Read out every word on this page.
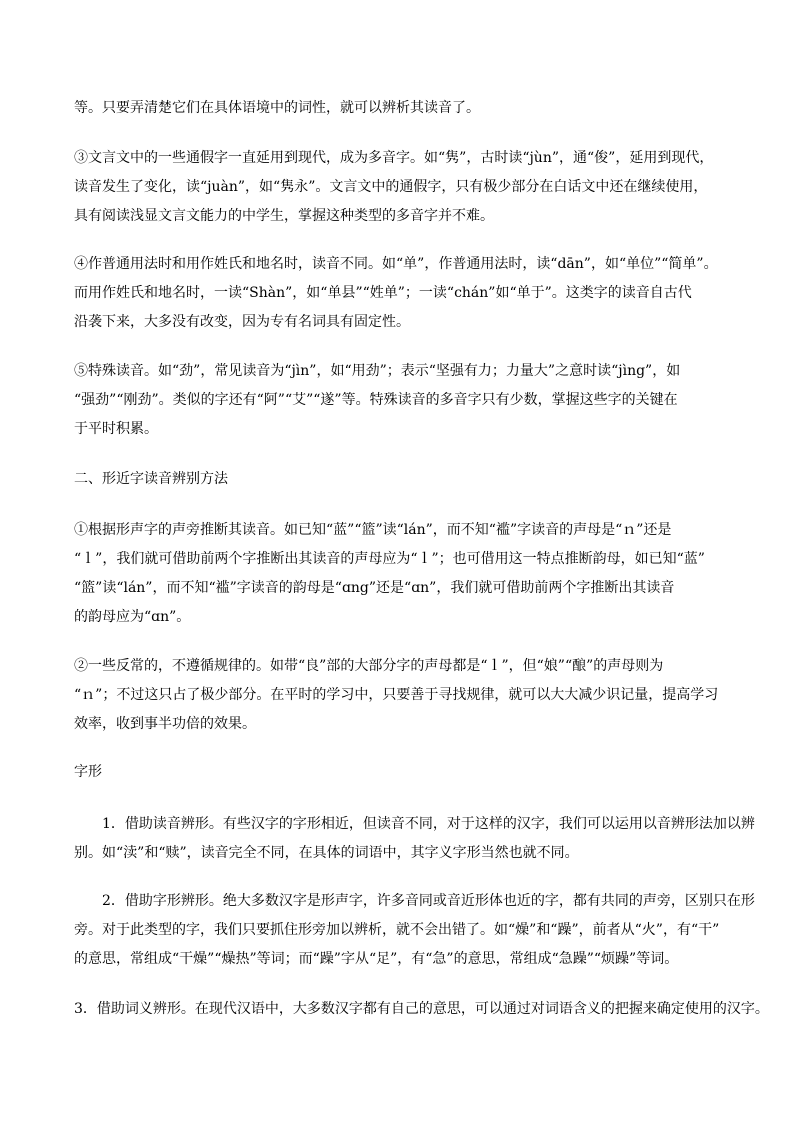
等。只要弄清楚它们在具体语境中的词性，就可以辨析其读音了。

③文言文中的一些通假字一直延用到现代，成为多音字。如“隽”，古时读“jùn”，通“俊”，延用到现代，
读音发生了变化，读“juàn”，如“隽永”。文言文中的通假字，只有极少部分在白话文中还在继续使用，
具有阅读浅显文言文能力的中学生，掌握这种类型的多音字并不难。

④作普通用法时和用作姓氏和地名时，读音不同。如“单”，作普通用法时，读“dān”，如“单位”“简单”。
而用作姓氏和地名时，一读“Shàn”，如“单县”“姓单”；一读“chán”如“单于”。这类字的读音自古代
沿袭下来，大多没有改变，因为专有名词具有固定性。

⑤特殊读音。如“劲”，常见读音为“jìn”，如“用劲”；表示“坚强有力；力量大”之意时读“jìng”，如
“强劲”“刚劲”。类似的字还有“阿”“艾”“遂”等。特殊读音的多音字只有少数，掌握这些字的关键在
于平时积累。

二、形近字读音辨别方法

①根据形声字的声旁推断其读音。如已知“蓝”“篮”读“lán”，而不知“褴”字读音的声母是“ｎ”还是
“ｌ”，我们就可借助前两个字推断出其读音的声母应为“ｌ”；也可借用这一特点推断韵母，如已知“蓝”
“篮”读“lán”，而不知“褴”字读音的韵母是“ɑng”还是“ɑn”，我们就可借助前两个字推断出其读音
的韵母应为“ɑn”。

②一些反常的，不遵循规律的。如带“良”部的大部分字的声母都是“ｌ”，但“娘”“酿”的声母则为
“ｎ”；不过这只占了极少部分。在平时的学习中，只要善于寻找规律，就可以大大减少识记量，提高学习
效率，收到事半功倍的效果。

字形

1．借助读音辨形。有些汉字的字形相近，但读音不同，对于这样的汉字，我们可以运用以音辨形法加以辨
别。如“渎”和“赎”，读音完全不同，在具体的词语中，其字义字形当然也就不同。

2．借助字形辨形。绝大多数汉字是形声字，许多音同或音近形体也近的字，都有共同的声旁，区别只在形
旁。对于此类型的字，我们只要抓住形旁加以辨析，就不会出错了。如“燥”和“躁”，前者从“火”，有“干”
的意思，常组成“干燥”“燥热”等词；而“躁”字从“足”，有“急”的意思，常组成“急躁”“烦躁”等词。

3．借助词义辨形。在现代汉语中，大多数汉字都有自己的意思，可以通过对词语含义的把握来确定使用的汉字。
